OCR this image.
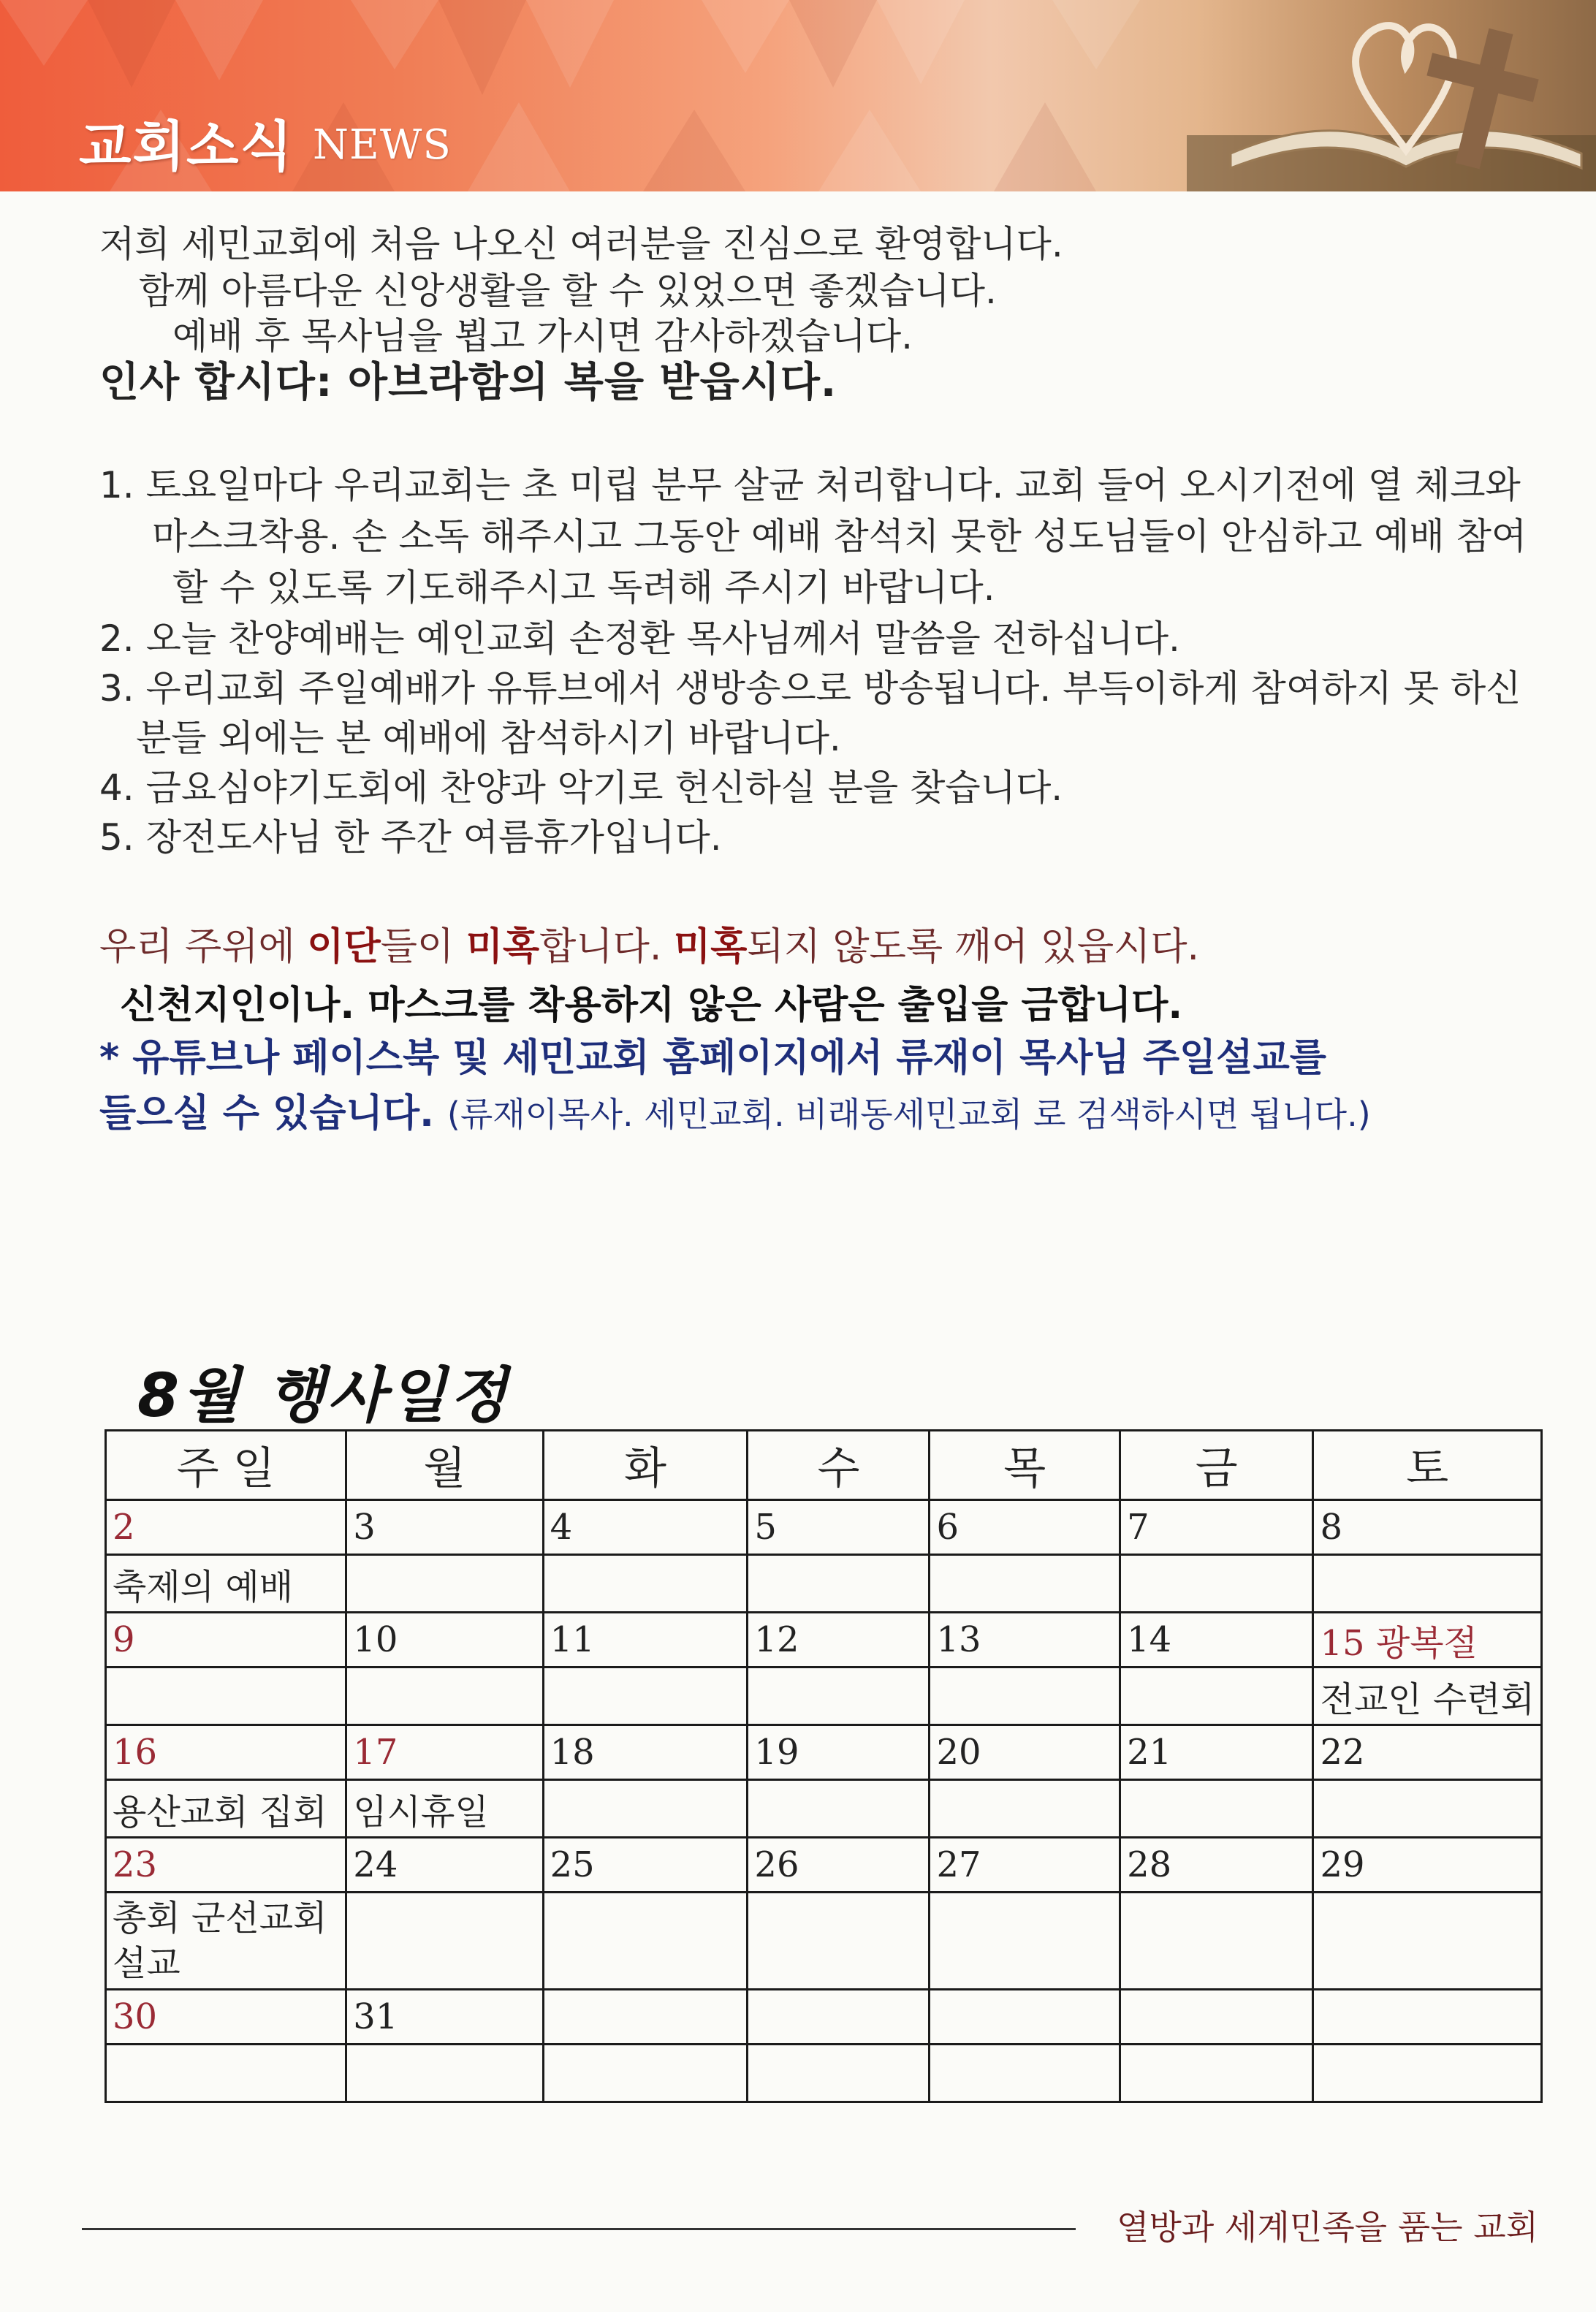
교회소식 NEWS
저희 세민교회에 처음 나오신 여러분을 진심으로 환영합니다.
함께 아름다운 신앙생활을 할 수 있었으면 좋겠습니다.
예배 후 목사님을 뵙고 가시면 감사하겠습니다.
인사 합시다: 아브라함의 복을 받읍시다.
1. 토요일마다 우리교회는 초 미립 분무 살균 처리합니다. 교회 들어 오시기전에 열 체크와
마스크착용. 손 소독 해주시고 그동안 예배 참석치 못한 성도님들이 안심하고 예배 참여
할 수 있도록 기도해주시고 독려해 주시기 바랍니다.
2. 오늘 찬양예배는 예인교회 손정환 목사님께서 말씀을 전하십니다.
3. 우리교회 주일예배가 유튜브에서 생방송으로 방송됩니다. 부득이하게 참여하지 못 하신
분들 외에는 본 예배에 참석하시기 바랍니다.
4. 금요심야기도회에 찬양과 악기로 헌신하실 분을 찾습니다.
5. 장전도사님 한 주간 여름휴가입니다.
우리 주위에 이단들이 미혹합니다. 미혹되지 않도록 깨어 있읍시다.
신천지인이나. 마스크를 착용하지 않은 사람은 출입을 금합니다.
* 유튜브나 페이스북 및 세민교회 홈페이지에서 류재이 목사님 주일설교를
들으실 수 있습니다. (류재이목사. 세민교회. 비래동세민교회 로 검색하시면 됩니다.)
8월 행사일정
주 일	월	화	수	목	금	토
2	3	4	5	6	7	8
축제의 예배						
9	10	11	12	13	14	15 광복절
						전교인 수련회
16	17	18	19	20	21	22
용산교회 집회	임시휴일					
23	24	25	26	27	28	29
총회 군선교회
설교						
30	31					

열방과 세계민족을 품는 교회
